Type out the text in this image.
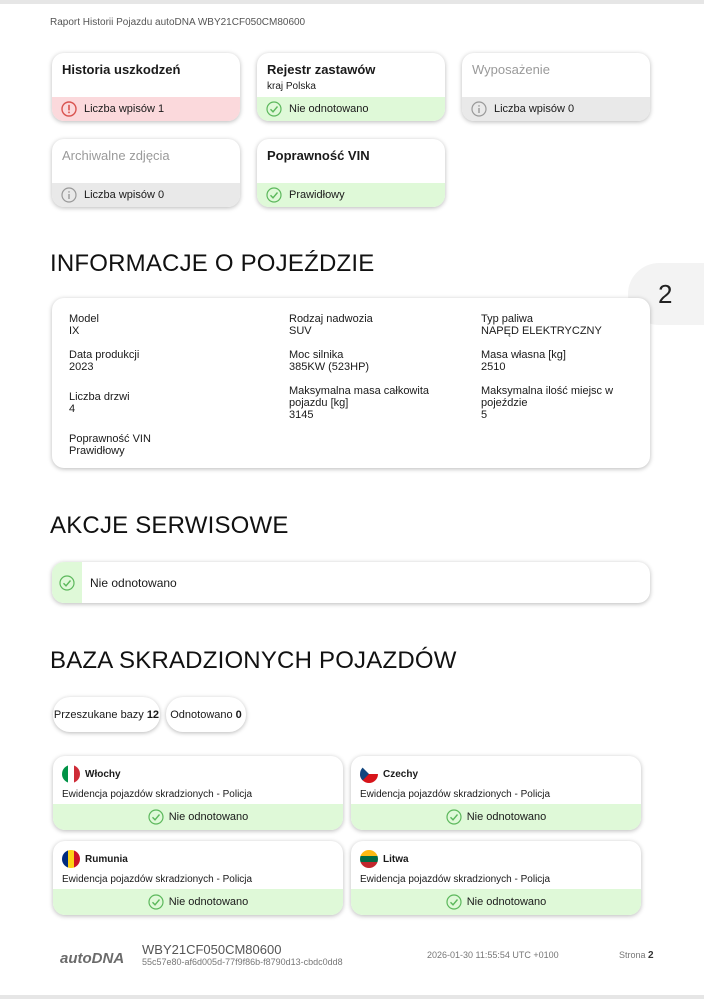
Raport Historii Pojazdu autoDNA WBY21CF050CM80600
Historia uszkodzeń
Liczba wpisów 1
Rejestr zastawów
kraj Polska
Nie odnotowano
Wyposażenie
Liczba wpisów 0
Archiwalne zdjęcia
Liczba wpisów 0
Poprawność VIN
Prawidłowy
INFORMACJE O POJEŹDZIE
2
Model
IX
Rodzaj nadwozia
SUV
Typ paliwa
NAPĘD ELEKTRYCZNY
Data produkcji
2023
Moc silnika
385KW (523HP)
Masa własna [kg]
2510
Liczba drzwi
4
Maksymalna masa całkowita pojazdu [kg]
3145
Maksymalna ilość miejsc w pojeździe
5
Poprawność VIN
Prawidłowy
AKCJE SERWISOWE
Nie odnotowano
BAZA SKRADZIONYCH POJAZDÓW
Przeszukane bazy 12 Odnotowano 0
Włochy
Ewidencja pojazdów skradzionych - Policja
Nie odnotowano
Czechy
Ewidencja pojazdów skradzionych - Policja
Nie odnotowano
Rumunia
Ewidencja pojazdów skradzionych - Policja
Nie odnotowano
Litwa
Ewidencja pojazdów skradzionych - Policja
Nie odnotowano
autoDNA
WBY21CF050CM80600
55c57e80-af6d005d-77f9f86b-f8790d13-cbdc0dd8
2026-01-30 11:55:54 UTC +0100	Strona 2
